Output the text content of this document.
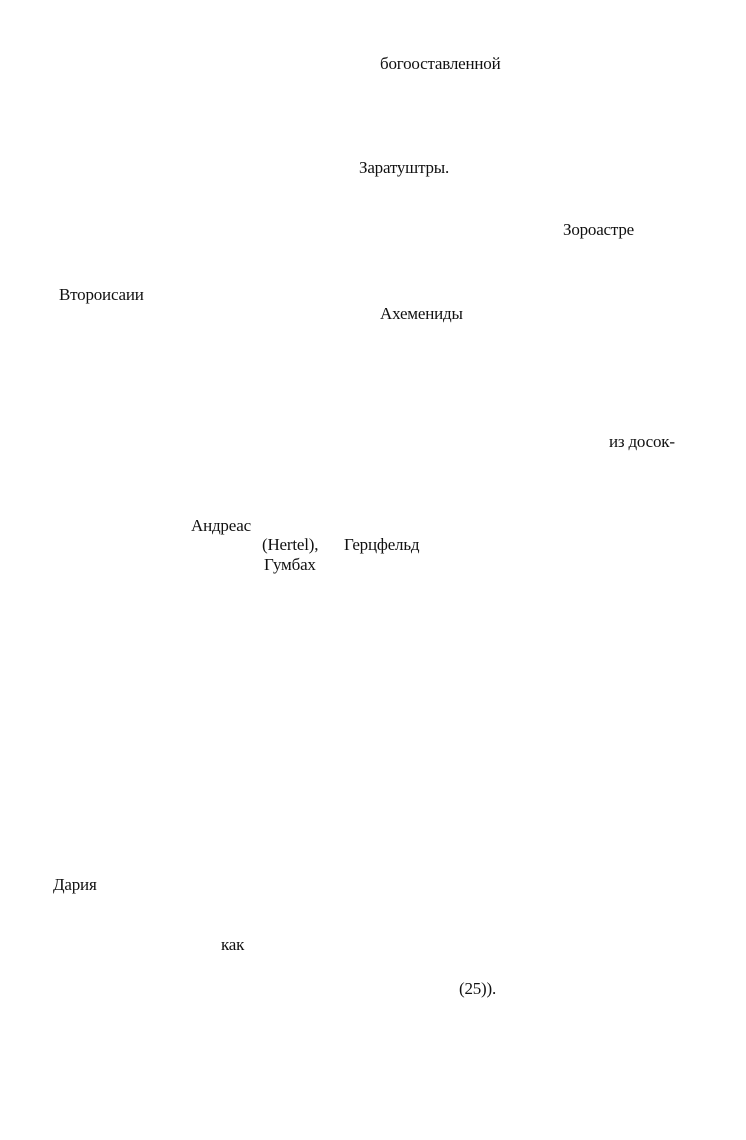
богооставленной
Заратуштры.
Зороастре
Второисаии
Ахемениды
из досок-
Андреас
(Hertel), Герцфельд
Гумбах
Дария
как
(25)).
